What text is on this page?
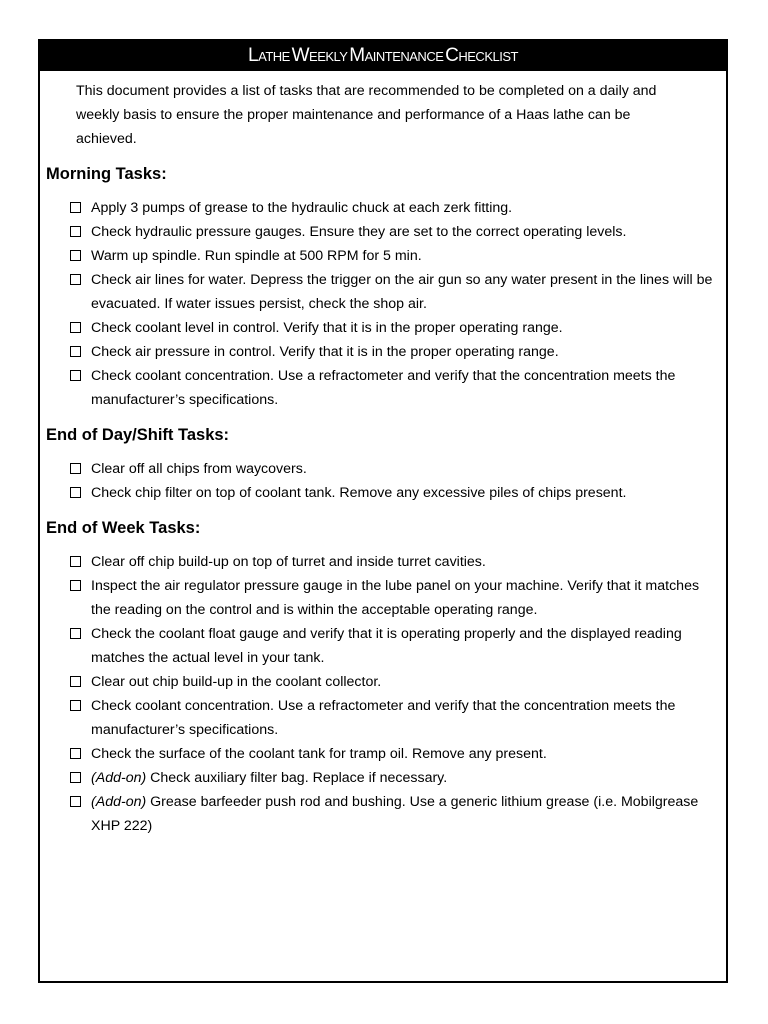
Lathe Weekly Maintenance Checklist
This document provides a list of tasks that are recommended to be completed on a daily and weekly basis to ensure the proper maintenance and performance of a Haas lathe can be achieved.
Morning Tasks:
Apply 3 pumps of grease to the hydraulic chuck at each zerk fitting.
Check hydraulic pressure gauges. Ensure they are set to the correct operating levels.
Warm up spindle. Run spindle at 500 RPM for 5 min.
Check air lines for water. Depress the trigger on the air gun so any water present in the lines will be evacuated. If water issues persist, check the shop air.
Check coolant level in control. Verify that it is in the proper operating range.
Check air pressure in control. Verify that it is in the proper operating range.
Check coolant concentration. Use a refractometer and verify that the concentration meets the manufacturer’s specifications.
End of Day/Shift Tasks:
Clear off all chips from waycovers.
Check chip filter on top of coolant tank. Remove any excessive piles of chips present.
End of Week Tasks:
Clear off chip build-up on top of turret and inside turret cavities.
Inspect the air regulator pressure gauge in the lube panel on your machine. Verify that it matches the reading on the control and is within the acceptable operating range.
Check the coolant float gauge and verify that it is operating properly and the displayed reading matches the actual level in your tank.
Clear out chip build-up in the coolant collector.
Check coolant concentration. Use a refractometer and verify that the concentration meets the manufacturer’s specifications.
Check the surface of the coolant tank for tramp oil. Remove any present.
(Add-on) Check auxiliary filter bag. Replace if necessary.
(Add-on) Grease barfeeder push rod and bushing. Use a generic lithium grease (i.e. Mobilgrease XHP 222)
